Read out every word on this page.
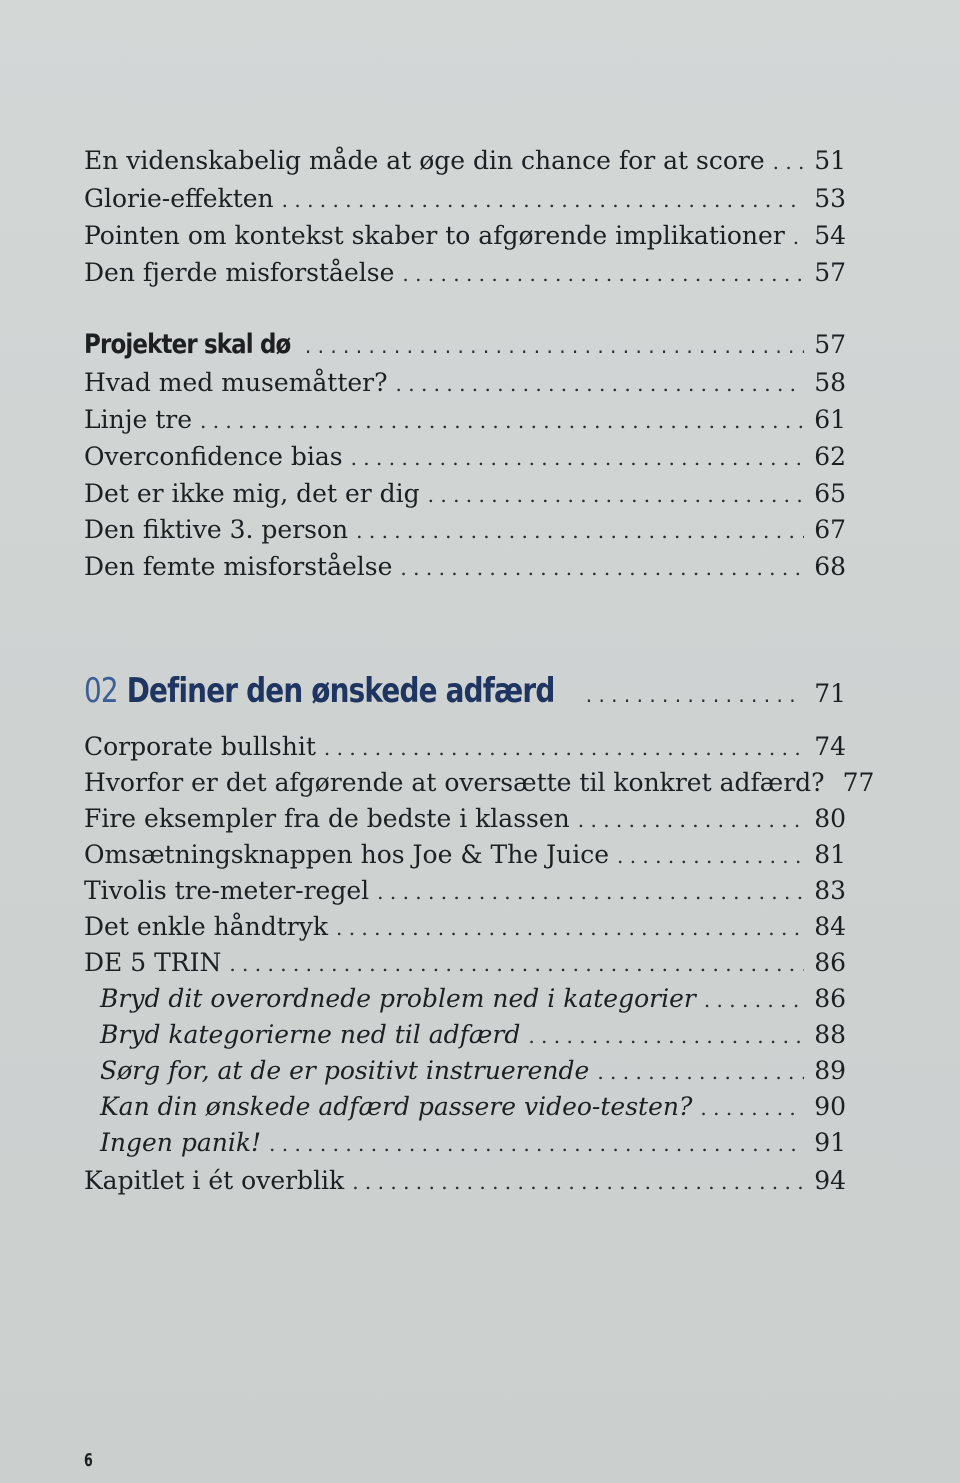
En videnskabelig måde at øge din chance for at score . . .	51
Glorie-effekten . . .	53
Pointen om kontekst skaber to afgørende implikationer . . .	54
Den fjerde misforståelse . . .	57
Projekter skal dø . . .	57
Hvad med musemåtter? . . .	58
Linje tre . . .	61
Overconfidence bias . . .	62
Det er ikke mig, det er dig . . .	65
Den fiktive 3. person . . .	67
Den femte misforståelse . . .	68
02 Definer den ønskede adfærd . . .	71
Corporate bullshit . . .	74
Hvorfor er det afgørende at oversætte til konkret adfærd? 77
Fire eksempler fra de bedste i klassen . . .	80
Omsætningsknappen hos Joe & The Juice . . .	81
Tivolis tre-meter-regel . . .	83
Det enkle håndtryk . . .	84
DE 5 TRIN . . .	86
Bryd dit overordnede problem ned i kategorier . . .	86
Bryd kategorierne ned til adfærd . . .	88
Sørg for, at de er positivt instruerende . . .	89
Kan din ønskede adfærd passere video-testen? . . .	90
Ingen panik! . . .	91
Kapitlet i ét overblik . . .	94
6
